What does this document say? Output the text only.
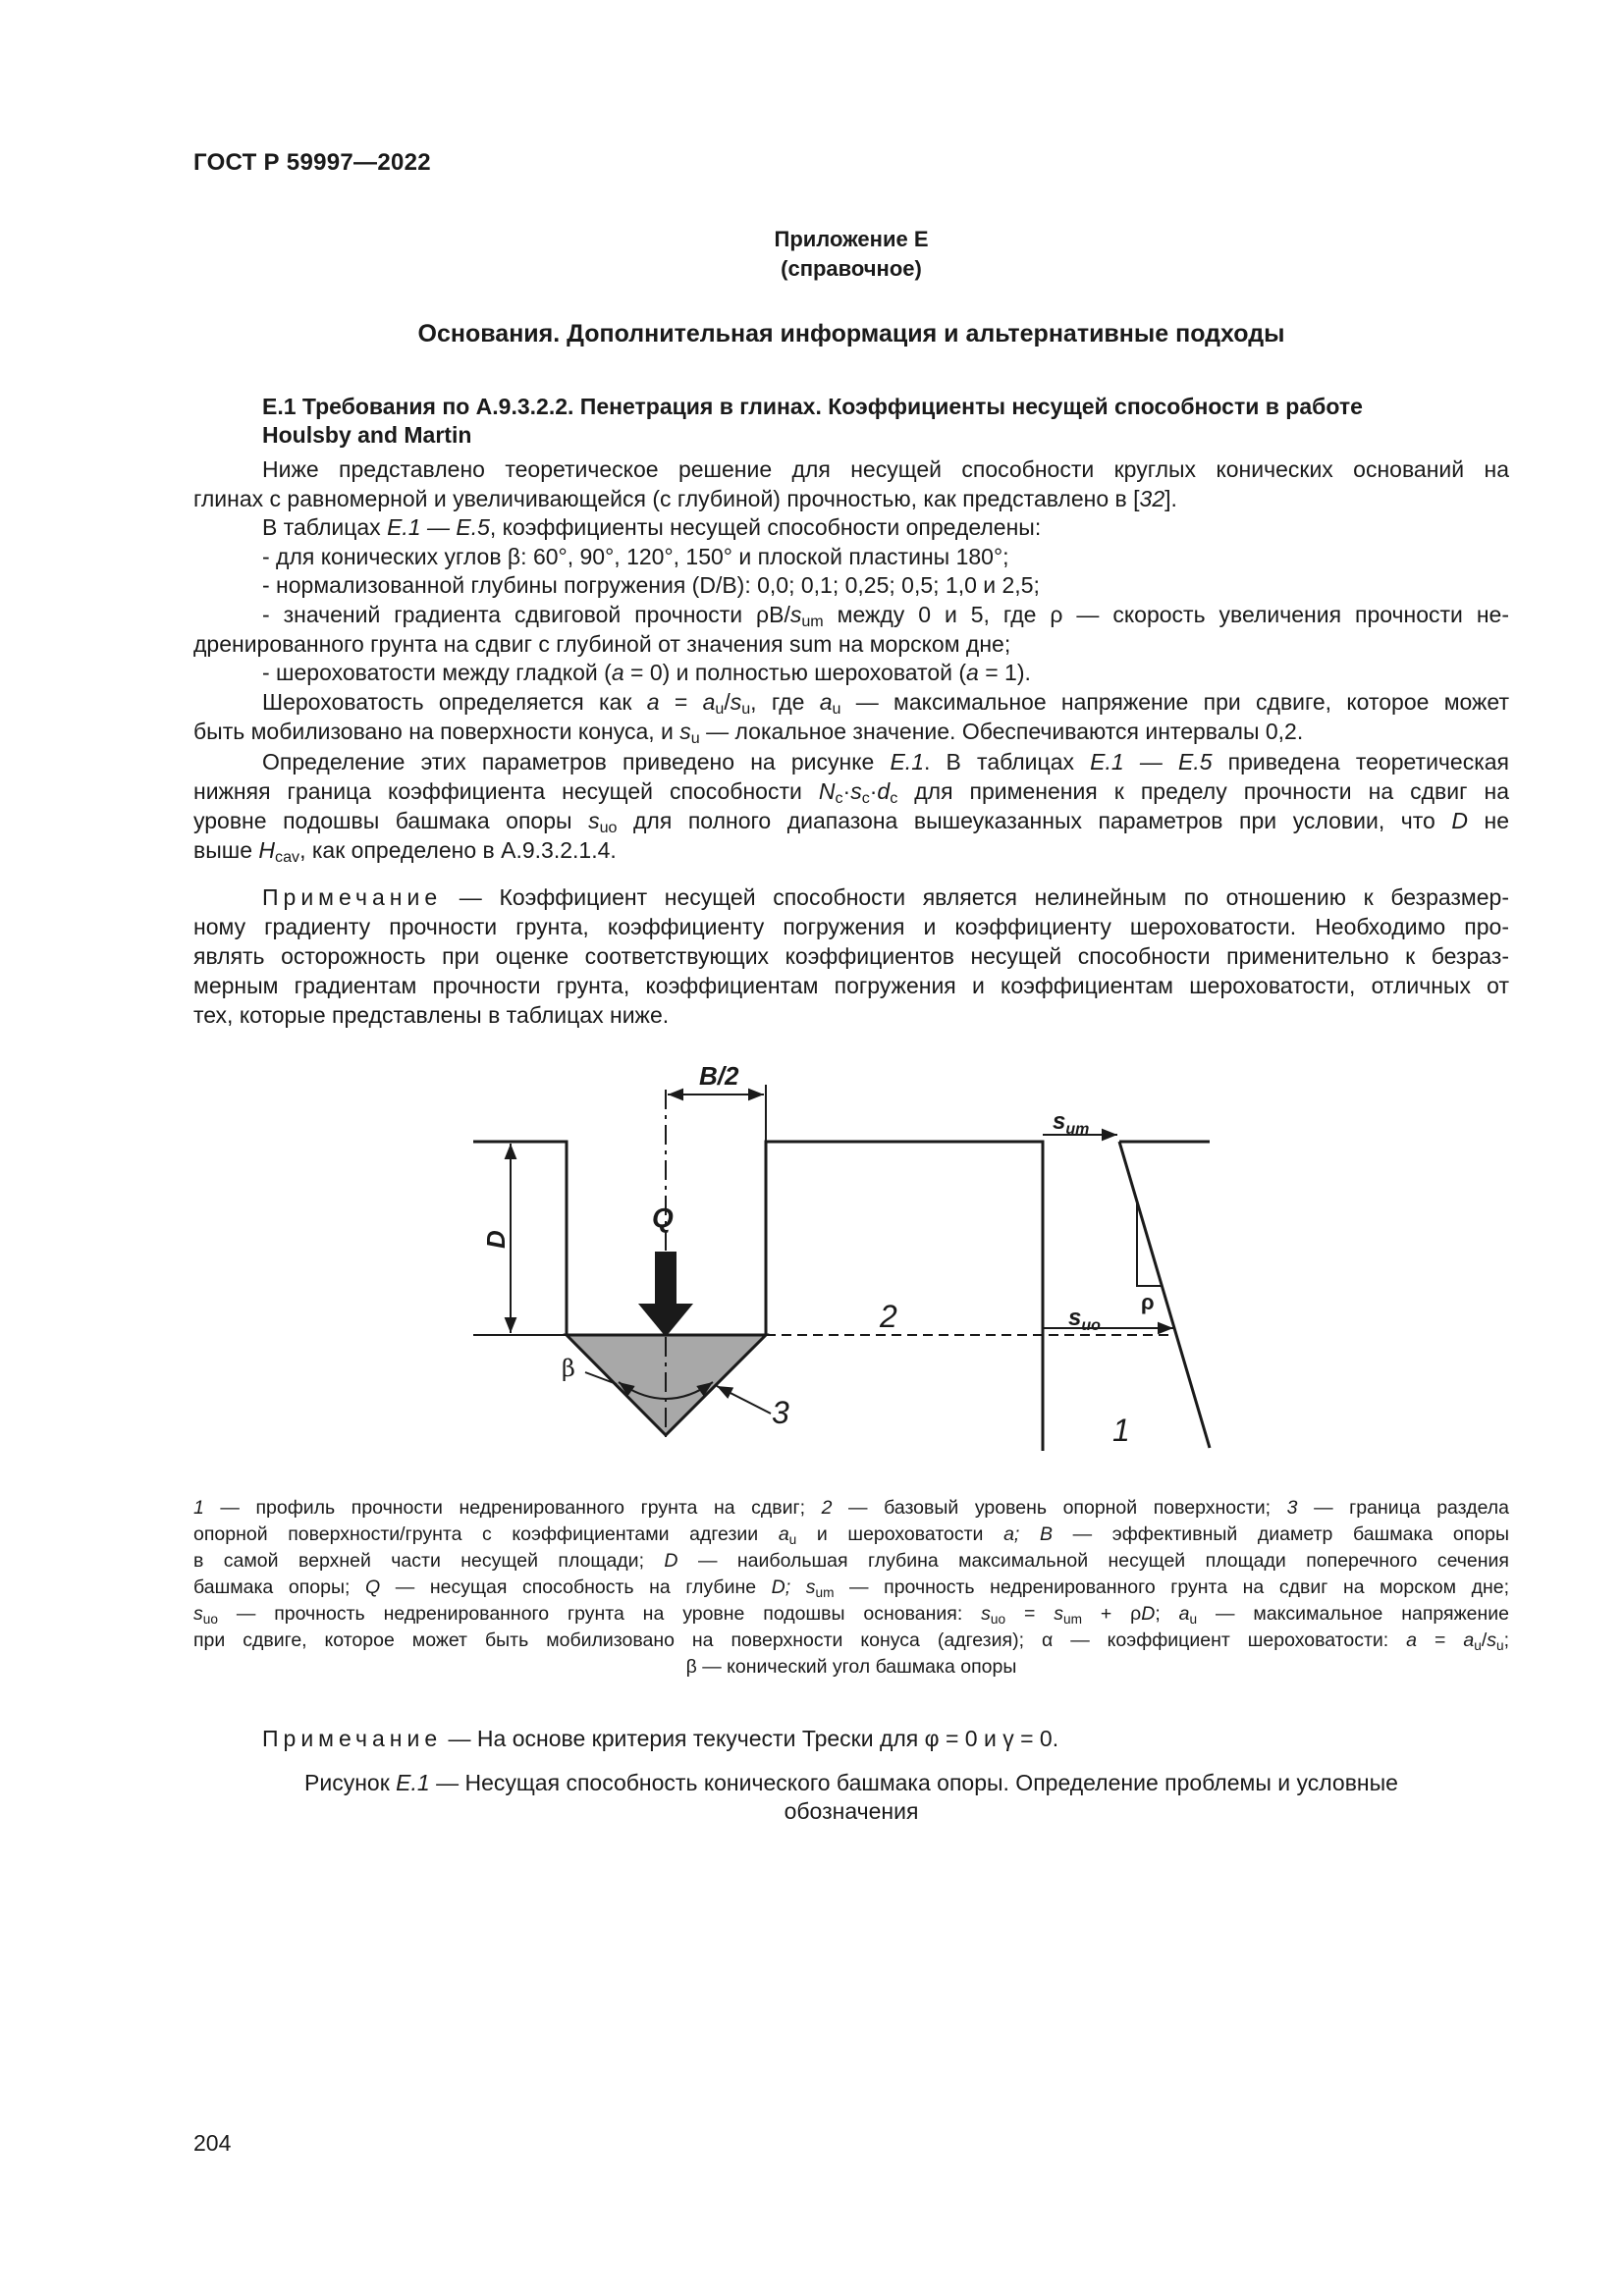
ГОСТ Р 59997—2022
Приложение Е
(справочное)
Основания. Дополнительная информация и альтернативные подходы
Е.1 Требования по А.9.3.2.2. Пенетрация в глинах. Коэффициенты несущей способности в работе
Houlsby and Martin
Ниже представлено теоретическое решение для несущей способности круглых конических оснований на
глинах с равномерной и увеличивающейся (с глубиной) прочностью, как представлено в [32].
В таблицах Е.1 — Е.5, коэффициенты несущей способности определены:
- для конических углов β: 60°, 90°, 120°, 150° и плоской пластины 180°;
- нормализованной глубины погружения (D/B): 0,0; 0,1; 0,25; 0,5; 1,0 и 2,5;
- значений градиента сдвиговой прочности $\rho B/s_{um}$ между 0 и 5, где ρ — скорость увеличения прочности не-
дренированного грунта на сдвиг с глубиной от значения sum на морском дне;
- шероховатости между гладкой (a = 0) и полностью шероховатой (a = 1).
Шероховатость определяется как $a = a_u/s_u$, где $a_u$ — максимальное напряжение при сдвиге, которое может
быть мобилизовано на поверхности конуса, и $s_u$ — локальное значение. Обеспечиваются интервалы 0,2.
Определение этих параметров приведено на рисунке Е.1. В таблицах Е.1 — Е.5 приведена теоретическая
нижняя граница коэффициента несущей способности $N_c\cdot s_c\cdot d_c$ для применения к пределу прочности на сдвиг на
уровне подошвы башмака опоры $s_{uo}$ для полного диапазона вышеуказанных параметров при условии, что D не
выше $H_{cav}$, как определено в А.9.3.2.1.4.
Примечание — Коэффициент несущей способности является нелинейным по отношению к безразмер-
ному градиенту прочности грунта, коэффициенту погружения и коэффициенту шероховатости. Необходимо про-
являть осторожность при оценке соответствующих коэффициентов несущей способности применительно к безраз-
мерным градиентам прочности грунта, коэффициентам погружения и коэффициентам шероховатости, отличных от
тех, которые представлены в таблицах ниже.
B/2
Q
D
$s_{um}$
$s_{uo}$
ρ
β
1
2
3
1 — профиль прочности недренированного грунта на сдвиг; 2 — базовый уровень опорной поверхности; 3 — граница раздела
опорной поверхности/грунта с коэффициентами адгезии $a_u$ и шероховатости a; B — эффективный диаметр башмака опоры
в самой верхней части несущей площади; D — наибольшая глубина максимальной несущей площади поперечного сечения
башмака опоры; Q — несущая способность на глубине D; $s_{um}$ — прочность недренированного грунта на сдвиг на морском дне;
$s_{uo}$ — прочность недренированного грунта на уровне подошвы основания: $s_{uo} = s_{um} + \rho D$; $a_u$ — максимальное напряжение
при сдвиге, которое может быть мобилизовано на поверхности конуса (адгезия); α — коэффициент шероховатости: $a = a_u/s_u$;
β — конический угол башмака опоры
Примечание — На основе критерия текучести Трески для φ = 0 и γ = 0.
Рисунок Е.1 — Несущая способность конического башмака опоры. Определение проблемы и условные
обозначения
204
